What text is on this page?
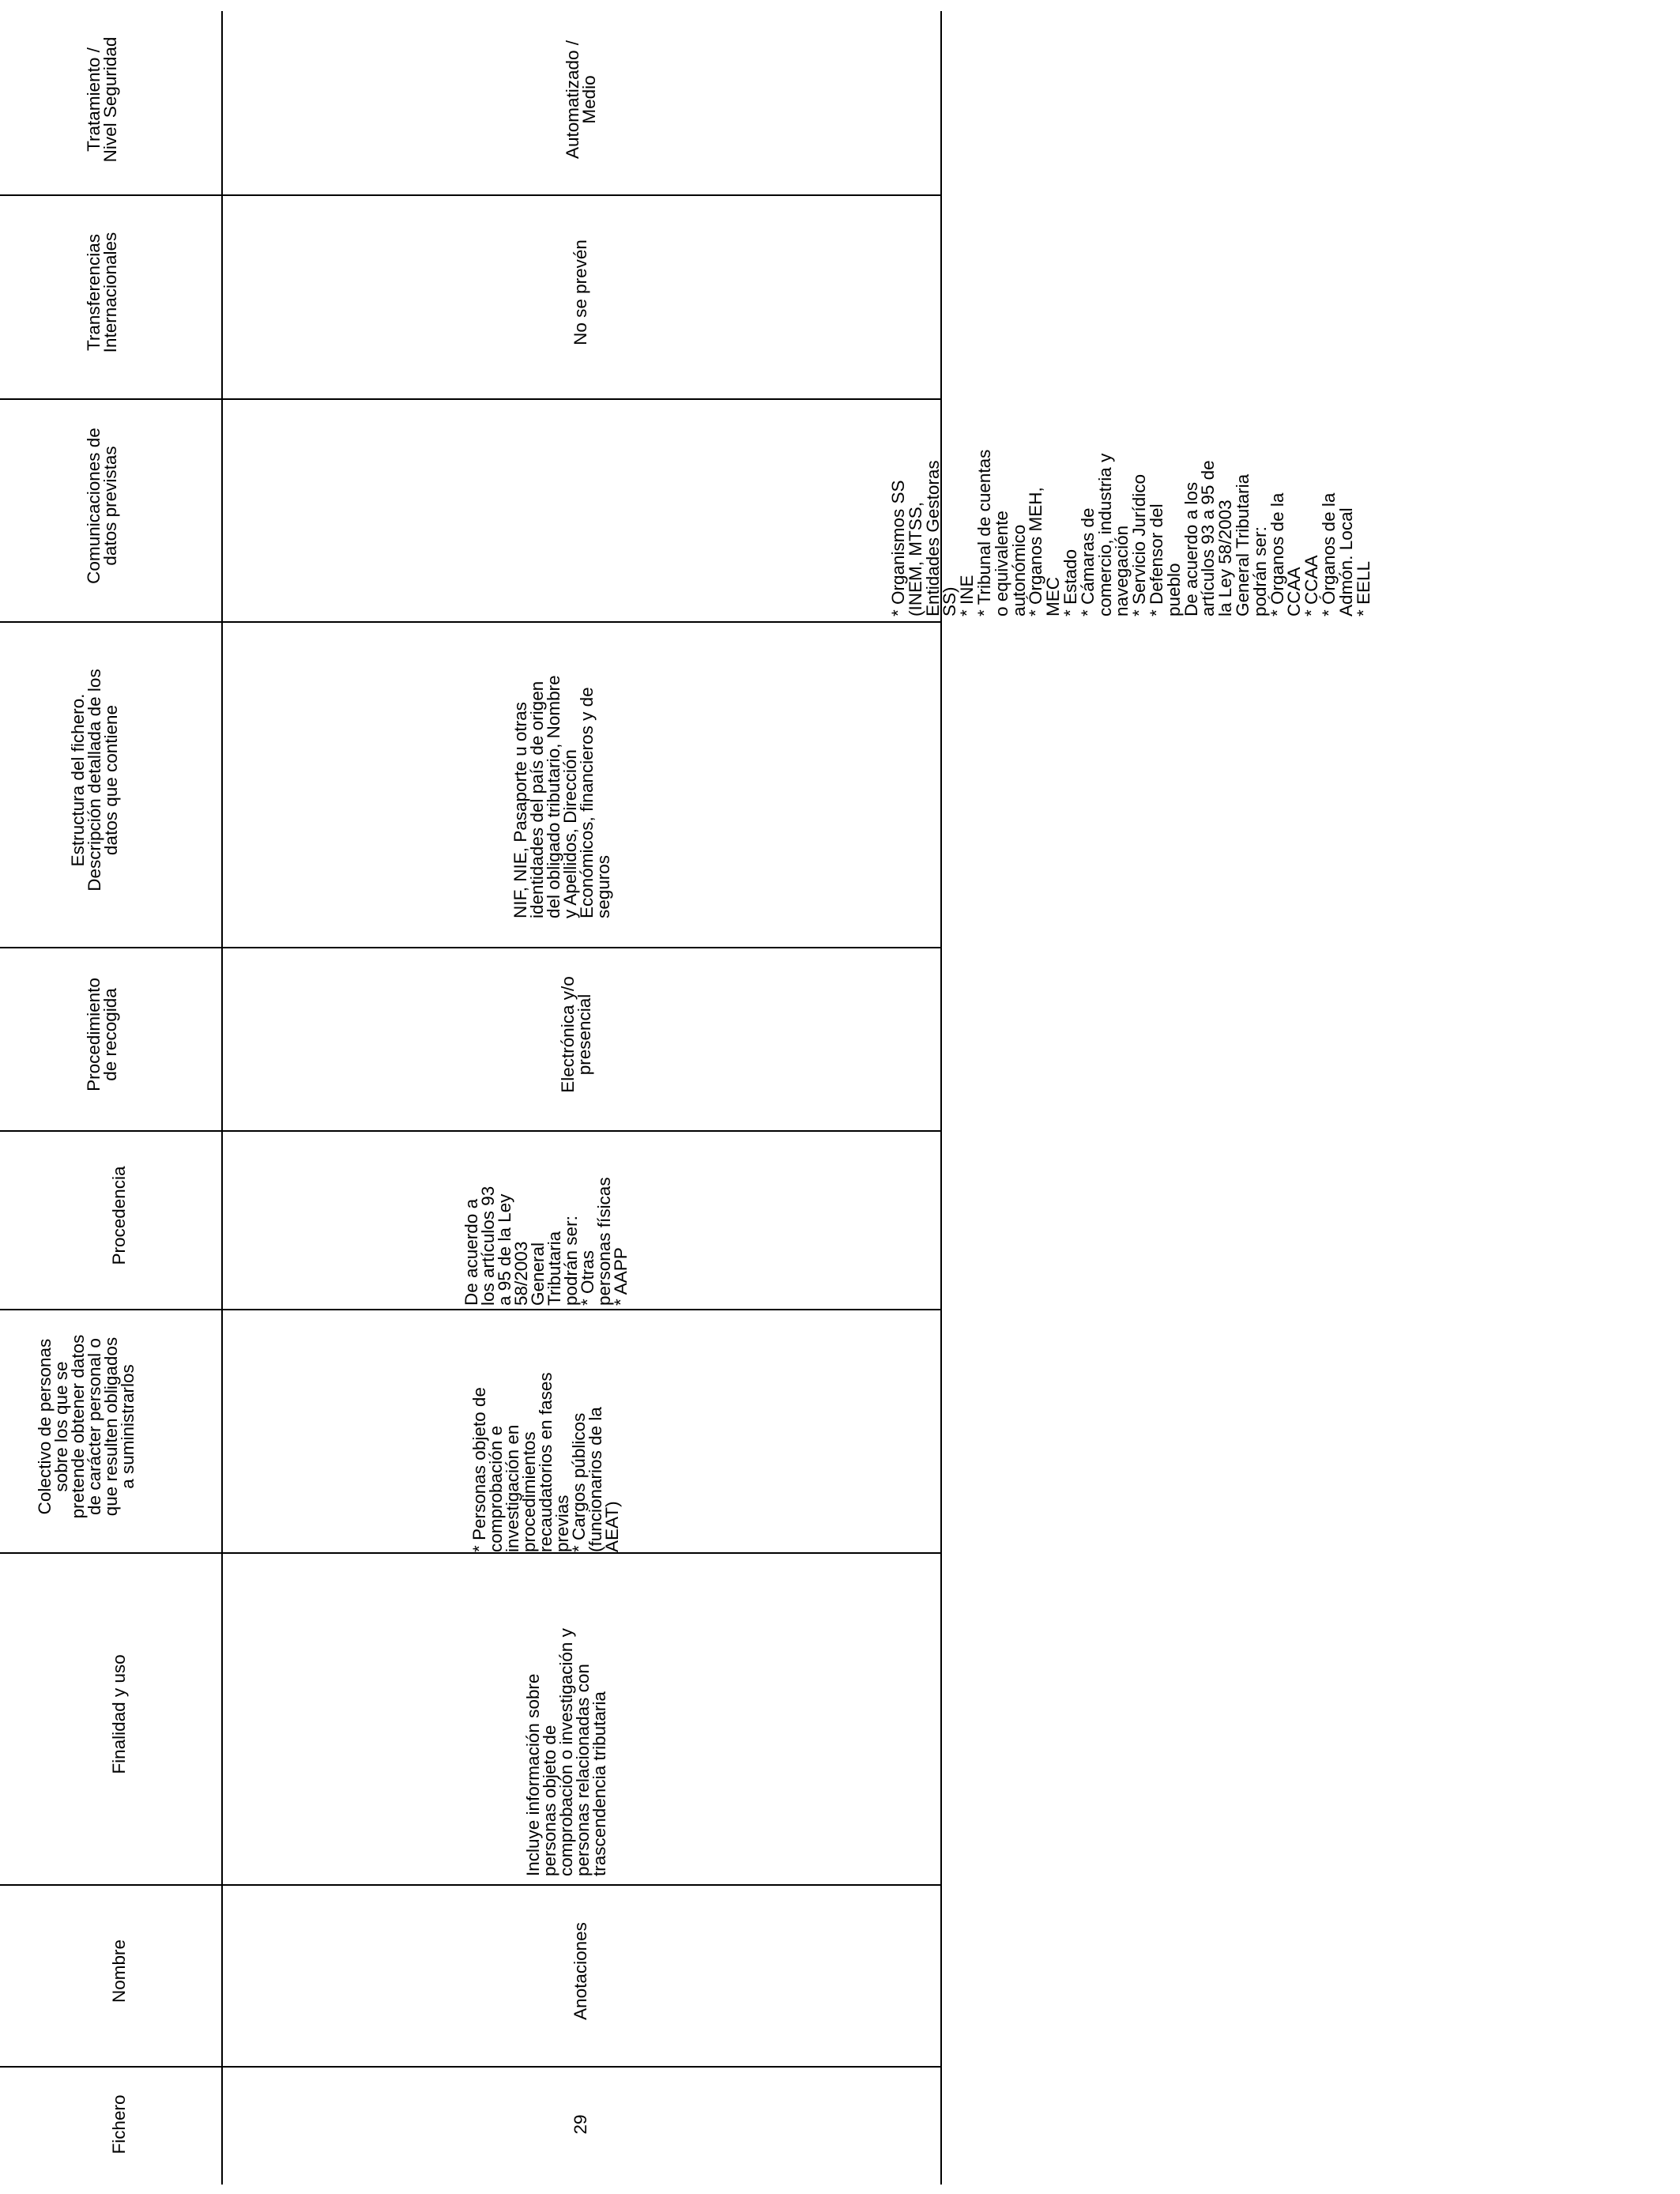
Tratamiento /
Nivel Seguridad
Transferencias
Internacionales
Comunicaciones de
datos previstas
Estructura del fichero.
Descripción detallada de los
datos que contiene
Procedimiento
de recogida
Procedencia
Colectivo de personas
sobre los que se
pretende obtener datos
de carácter personal o
que resulten obligados
a suministrarlos
Finalidad y uso
Nombre
Fichero
Automatizado /
Medio
No se prevén
* Organismos SS
(INEM, MTSS,
Entidades Gestoras
SS)
* INE
* Tribunal de cuentas
o equivalente
autonómico
* Órganos MEH,
MEC
* Estado
* Cámaras de
comercio, industria y
navegación
* Servicio Jurídico
* Defensor del
pueblo
De acuerdo a los
artículos 93 a 95 de
la Ley 58/2003
General Tributaria
podrán ser:
* Órganos de la
CCAA
* CCAA
* Órganos de la
Admón. Local
* EELL
NIF, NIE, Pasaporte u otras
identidades del país de origen
del obligado tributario, Nombre
y Apellidos, Dirección
Económicos, financieros y de
seguros
Electrónica y/o
presencial
De acuerdo a
los artículos 93
a 95 de la Ley
58/2003
General
Tributaria
podrán ser:
* Otras
personas físicas
* AAPP
* Personas objeto de
comprobación e
investigación en
procedimientos
recaudatorios en fases
previas
* Cargos públicos
(funcionarios de la
AEAT)
Incluye información sobre
personas objeto de
comprobación o investigación y
personas relacionadas con
trascendencia tributaria
Anotaciones
29
